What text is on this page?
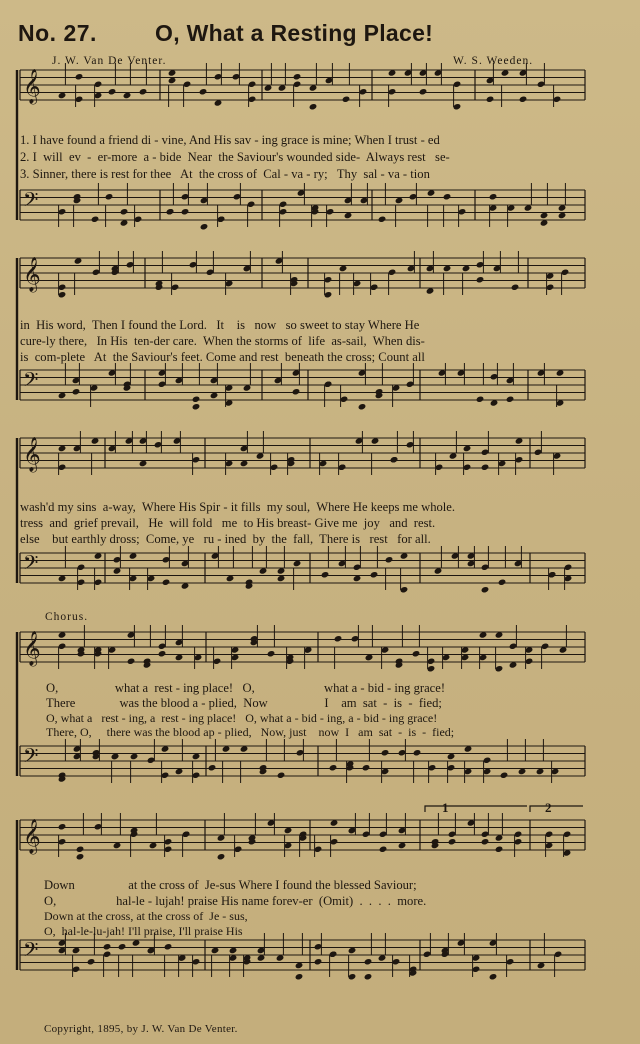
No. 27.	O, What a Resting Place!
J. W. Van De Venter.	W. S. Weeden.
𝄞
𝄢
𝄞
𝄢
𝄞
𝄢
𝄞
𝄢
𝄞
𝄢
1. I have found a friend di - vine, And His sav - ing grace is mine; When I trust - ed
2. I  will  ev  -  er-more  a - bide  Near  the Saviour's wounded side-  Always rest   se-
3. Sinner, there is rest for thee   At  the cross of  Cal - va - ry;   Thy  sal - va - tion
in  His word,  Then I found the Lord.   It    is   now   so sweet to stay Where He
cure-ly there,   In His  ten-der care.  When the storms of  life  as-sail,  When dis-
is  com-plete   At  the Saviour's feet. Come and rest  beneath the cross; Count all
wash'd my sins  a-way,  Where His Spir - it fills  my soul,  Where He keeps me whole.
tress  and  grief prevail,   He  will fold   me  to His breast- Give me  joy   and  rest.
else    but earthly dross;  Come, ye   ru - ined  by  the  fall,  There is   rest   for all.
Chorus.
O,                  what a  rest - ing place!   O,                      what a - bid - ing grace!
There              was the blood a - plied,  Now                  I    am  sat  -  is  -  fied;
O, what a   rest - ing, a  rest - ing place!   O, what a - bid - ing, a - bid - ing grace!
There, O,     there was the blood ap - plied,   Now, just    now  I   am  sat  -  is  -  fied;
1	2
Down                 at the cross of  Je-sus Where I found the blessed Saviour;
O,                   hal-le - lujah! praise His name forev-er  (Omit)  .  .  .  .  more.
Down at the cross, at the cross of  Je - sus,
O,  hal-le-lu-jah! I'll praise, I'll praise His
Copyright, 1895, by J. W. Van De Venter.
